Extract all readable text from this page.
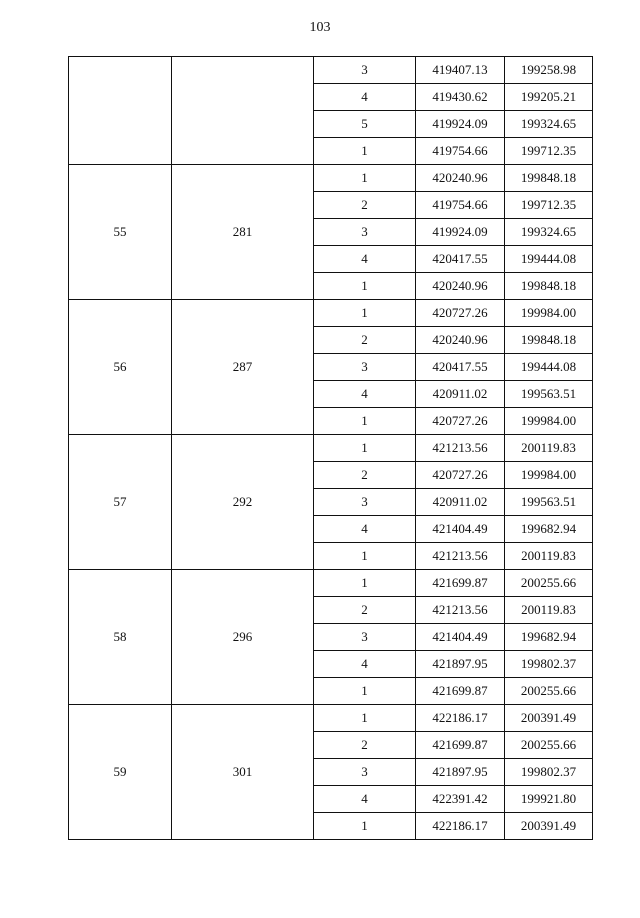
103
		3	419407.13	199258.98
		4	419430.62	199205.21
		5	419924.09	199324.65
		1	419754.66	199712.35
55	281	1	420240.96	199848.18
		2	419754.66	199712.35
		3	419924.09	199324.65
		4	420417.55	199444.08
		1	420240.96	199848.18
56	287	1	420727.26	199984.00
		2	420240.96	199848.18
		3	420417.55	199444.08
		4	420911.02	199563.51
		1	420727.26	199984.00
57	292	1	421213.56	200119.83
		2	420727.26	199984.00
		3	420911.02	199563.51
		4	421404.49	199682.94
		1	421213.56	200119.83
58	296	1	421699.87	200255.66
		2	421213.56	200119.83
		3	421404.49	199682.94
		4	421897.95	199802.37
		1	421699.87	200255.66
59	301	1	422186.17	200391.49
		2	421699.87	200255.66
		3	421897.95	199802.37
		4	422391.42	199921.80
		1	422186.17	200391.49
